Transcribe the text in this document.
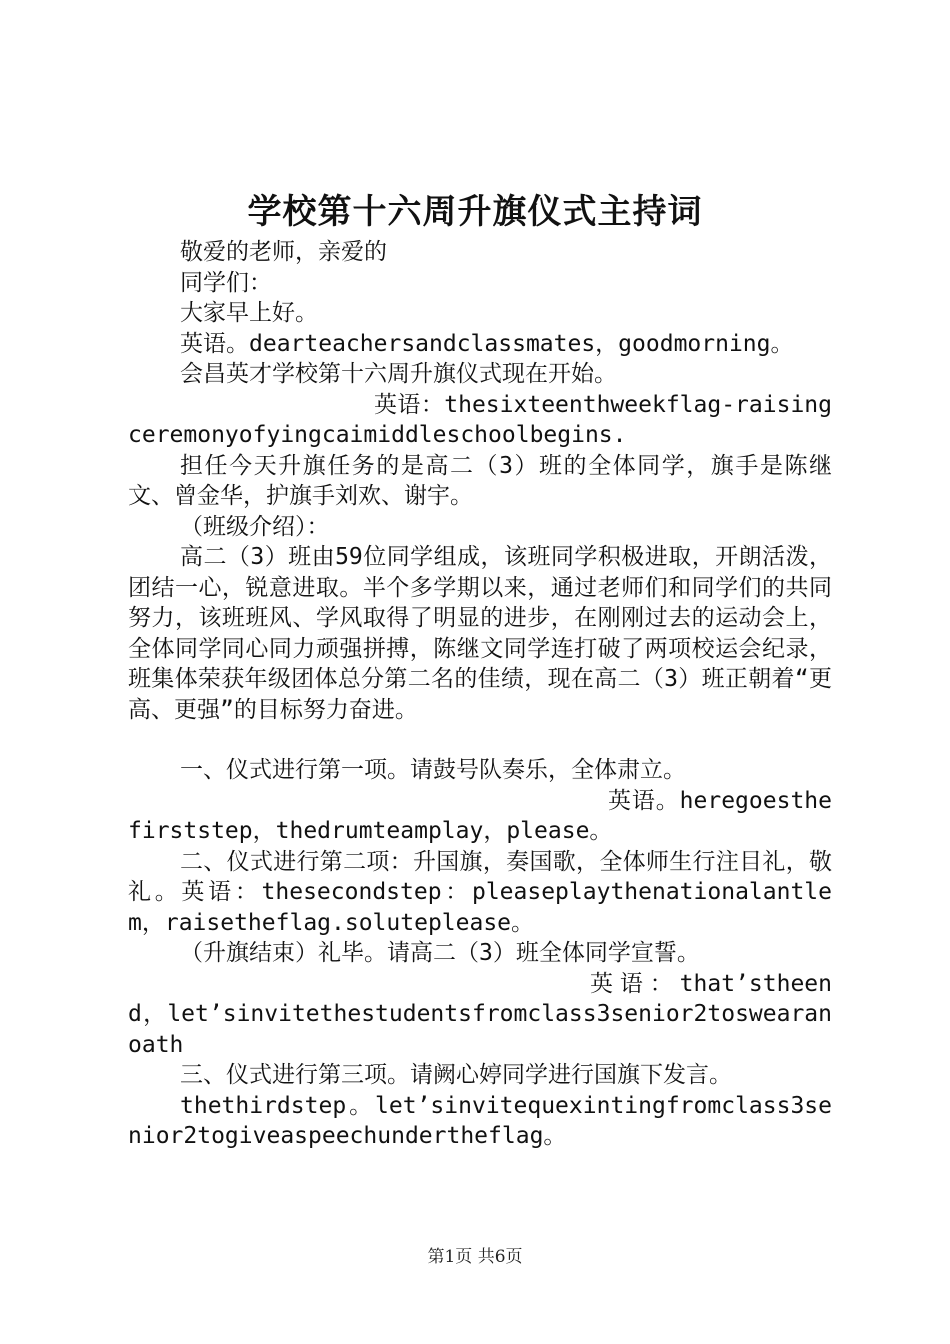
学校第十六周升旗仪式主持词

敬爱的老师，亲爱的

同学们：

大家早上好。

英语。dearteachersandclassmates，goodmorning。

会昌英才学校第十六周升旗仪式现在开始。

英语：thesixteenthweekflag-raisingceremonyofyingcaimiddleschoolbegins.

担任今天升旗任务的是高二（3）班的全体同学，旗手是陈继文、曾金华，护旗手刘欢、谢宇。

（班级介绍）：

高二（3）班由59位同学组成，该班同学积极进取，开朗活泼，团结一心，锐意进取。半个多学期以来，通过老师们和同学们的共同努力，该班班风、学风取得了明显的进步，在刚刚过去的运动会上，全体同学同心同力顽强拼搏，陈继文同学连打破了两项校运会纪录，班集体荣获年级团体总分第二名的佳绩，现在高二（3）班正朝着“更高、更强”的目标努力奋进。

一、仪式进行第一项。请鼓号队奏乐，全体肃立。

英语。heregoesthefirststep，thedrumteamplay，please。

二、仪式进行第二项：升国旗，奏国歌，全体师生行注目礼，敬礼。英语：thesecondstep：pleaseplaythenationalantlem，raisetheflag.soluteplease。

（升旗结束）礼毕。请高二（3）班全体同学宣誓。

英语：that’stheend，let’sinvitethestudentsfromclass3senior2toswearanoath

三、仪式进行第三项。请阙心婷同学进行国旗下发言。

thethirdstep。let’sinvitequexintingfromclass3senior2togiveaspeechundertheflag。

第1页 共6页
